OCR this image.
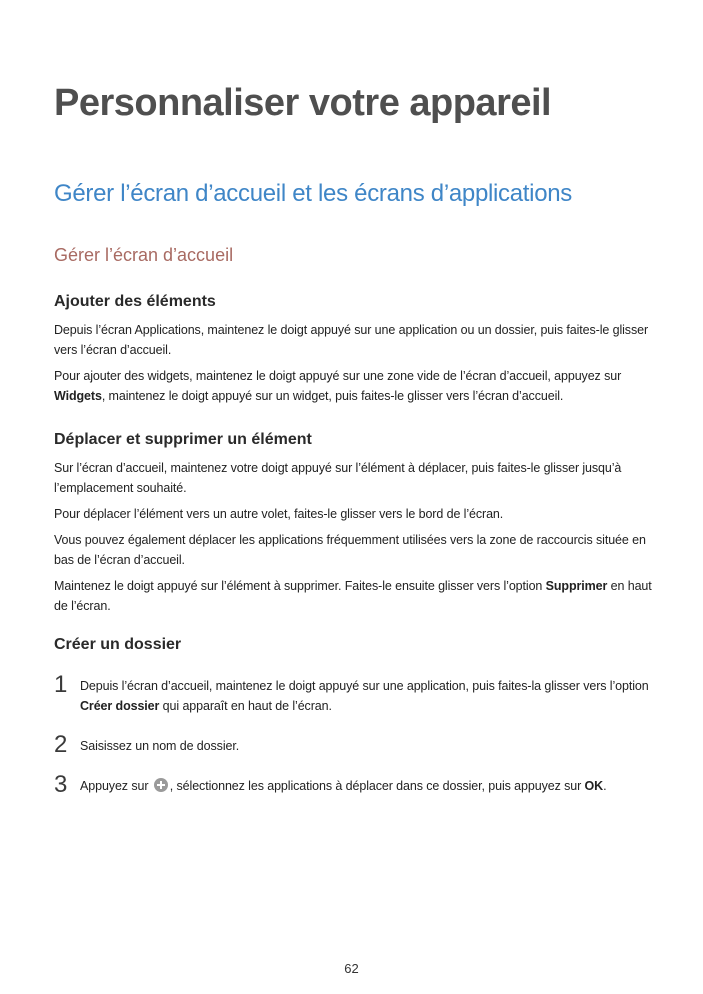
Personnaliser votre appareil
Gérer l’écran d’accueil et les écrans d’applications
Gérer l’écran d’accueil
Ajouter des éléments

Depuis l’écran Applications, maintenez le doigt appuyé sur une application ou un dossier, puis faites-le glisser vers l’écran d’accueil.

Pour ajouter des widgets, maintenez le doigt appuyé sur une zone vide de l’écran d’accueil, appuyez sur Widgets, maintenez le doigt appuyé sur un widget, puis faites-le glisser vers l’écran d’accueil.

Déplacer et supprimer un élément

Sur l’écran d’accueil, maintenez votre doigt appuyé sur l’élément à déplacer, puis faites-le glisser jusqu’à l’emplacement souhaité.

Pour déplacer l’élément vers un autre volet, faites-le glisser vers le bord de l’écran.

Vous pouvez également déplacer les applications fréquemment utilisées vers la zone de raccourcis située en bas de l’écran d’accueil.

Maintenez le doigt appuyé sur l’élément à supprimer. Faites-le ensuite glisser vers l’option Supprimer en haut de l’écran.

Créer un dossier
1 Depuis l’écran d’accueil, maintenez le doigt appuyé sur une application, puis faites-la glisser vers l’option Créer dossier qui apparaît en haut de l’écran.
2 Saisissez un nom de dossier.
3 Appuyez sur , sélectionnez les applications à déplacer dans ce dossier, puis appuyez sur OK.
62
